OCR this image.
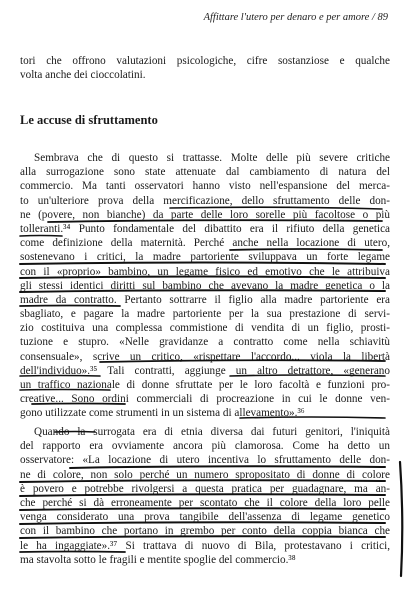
Affittare l'utero per denaro e per amore / 89
tori che offrono valutazioni psicologiche, cifre sostanziose e qualche
volta anche dei cioccolatini.
Le accuse di sfruttamento
Sembrava che di questo si trattasse. Molte delle più severe critiche
alla surrogazione sono state attenuate dal cambiamento di natura del
commercio. Ma tanti osservatori hanno visto nell'espansione del merca-
to un'ulteriore prova della mercificazione, dello sfruttamento delle don-
ne (povere, non bianche) da parte delle loro sorelle più facoltose o più
tolleranti.³⁴ Punto fondamentale del dibattito era il rifiuto della genetica
come definizione della maternità. Perché anche nella locazione di utero,
sostenevano i critici, la madre partoriente sviluppava un forte legame
con il «proprio» bambino, un legame fisico ed emotivo che le attribuiva
gli stessi identici diritti sul bambino che avevano la madre genetica o la
madre da contratto. Pertanto sottrarre il figlio alla madre partoriente era
sbagliato, e pagare la madre partoriente per la sua prestazione di servi-
zio costituiva una complessa commistione di vendita di un figlio, prosti-
tuzione e stupro. «Nelle gravidanze a contratto come nella schiavitù
consensuale», scrive un critico, «rispettare l'accordo... viola la libertà
dell'individuo».³⁵ Tali contratti, aggiunge un altro detrattore, «generano
un traffico nazionale di donne sfruttate per le loro facoltà e funzioni pro-
creative... Sono ordini commerciali di procreazione in cui le donne ven-
gono utilizzate come strumenti in un sistema di allevamento».³⁶
Quando la surrogata era di etnia diversa dai futuri genitori, l'iniquità
del rapporto era ovviamente ancora più clamorosa. Come ha detto un
osservatore: «La locazione di utero incentiva lo sfruttamento delle don-
ne di colore, non solo perché un numero spropositato di donne di colore
è povero e potrebbe rivolgersi a questa pratica per guadagnare, ma an-
che perché si dà erroneamente per scontato che il colore della loro pelle
venga considerato una prova tangibile dell'assenza di legame genetico
con il bambino che portano in grembo per conto della coppia bianca che
le ha ingaggiate».³⁷ Si trattava di nuovo di Bila, protestavano i critici,
ma stavolta sotto le fragili e mentite spoglie del commercio.³⁸
